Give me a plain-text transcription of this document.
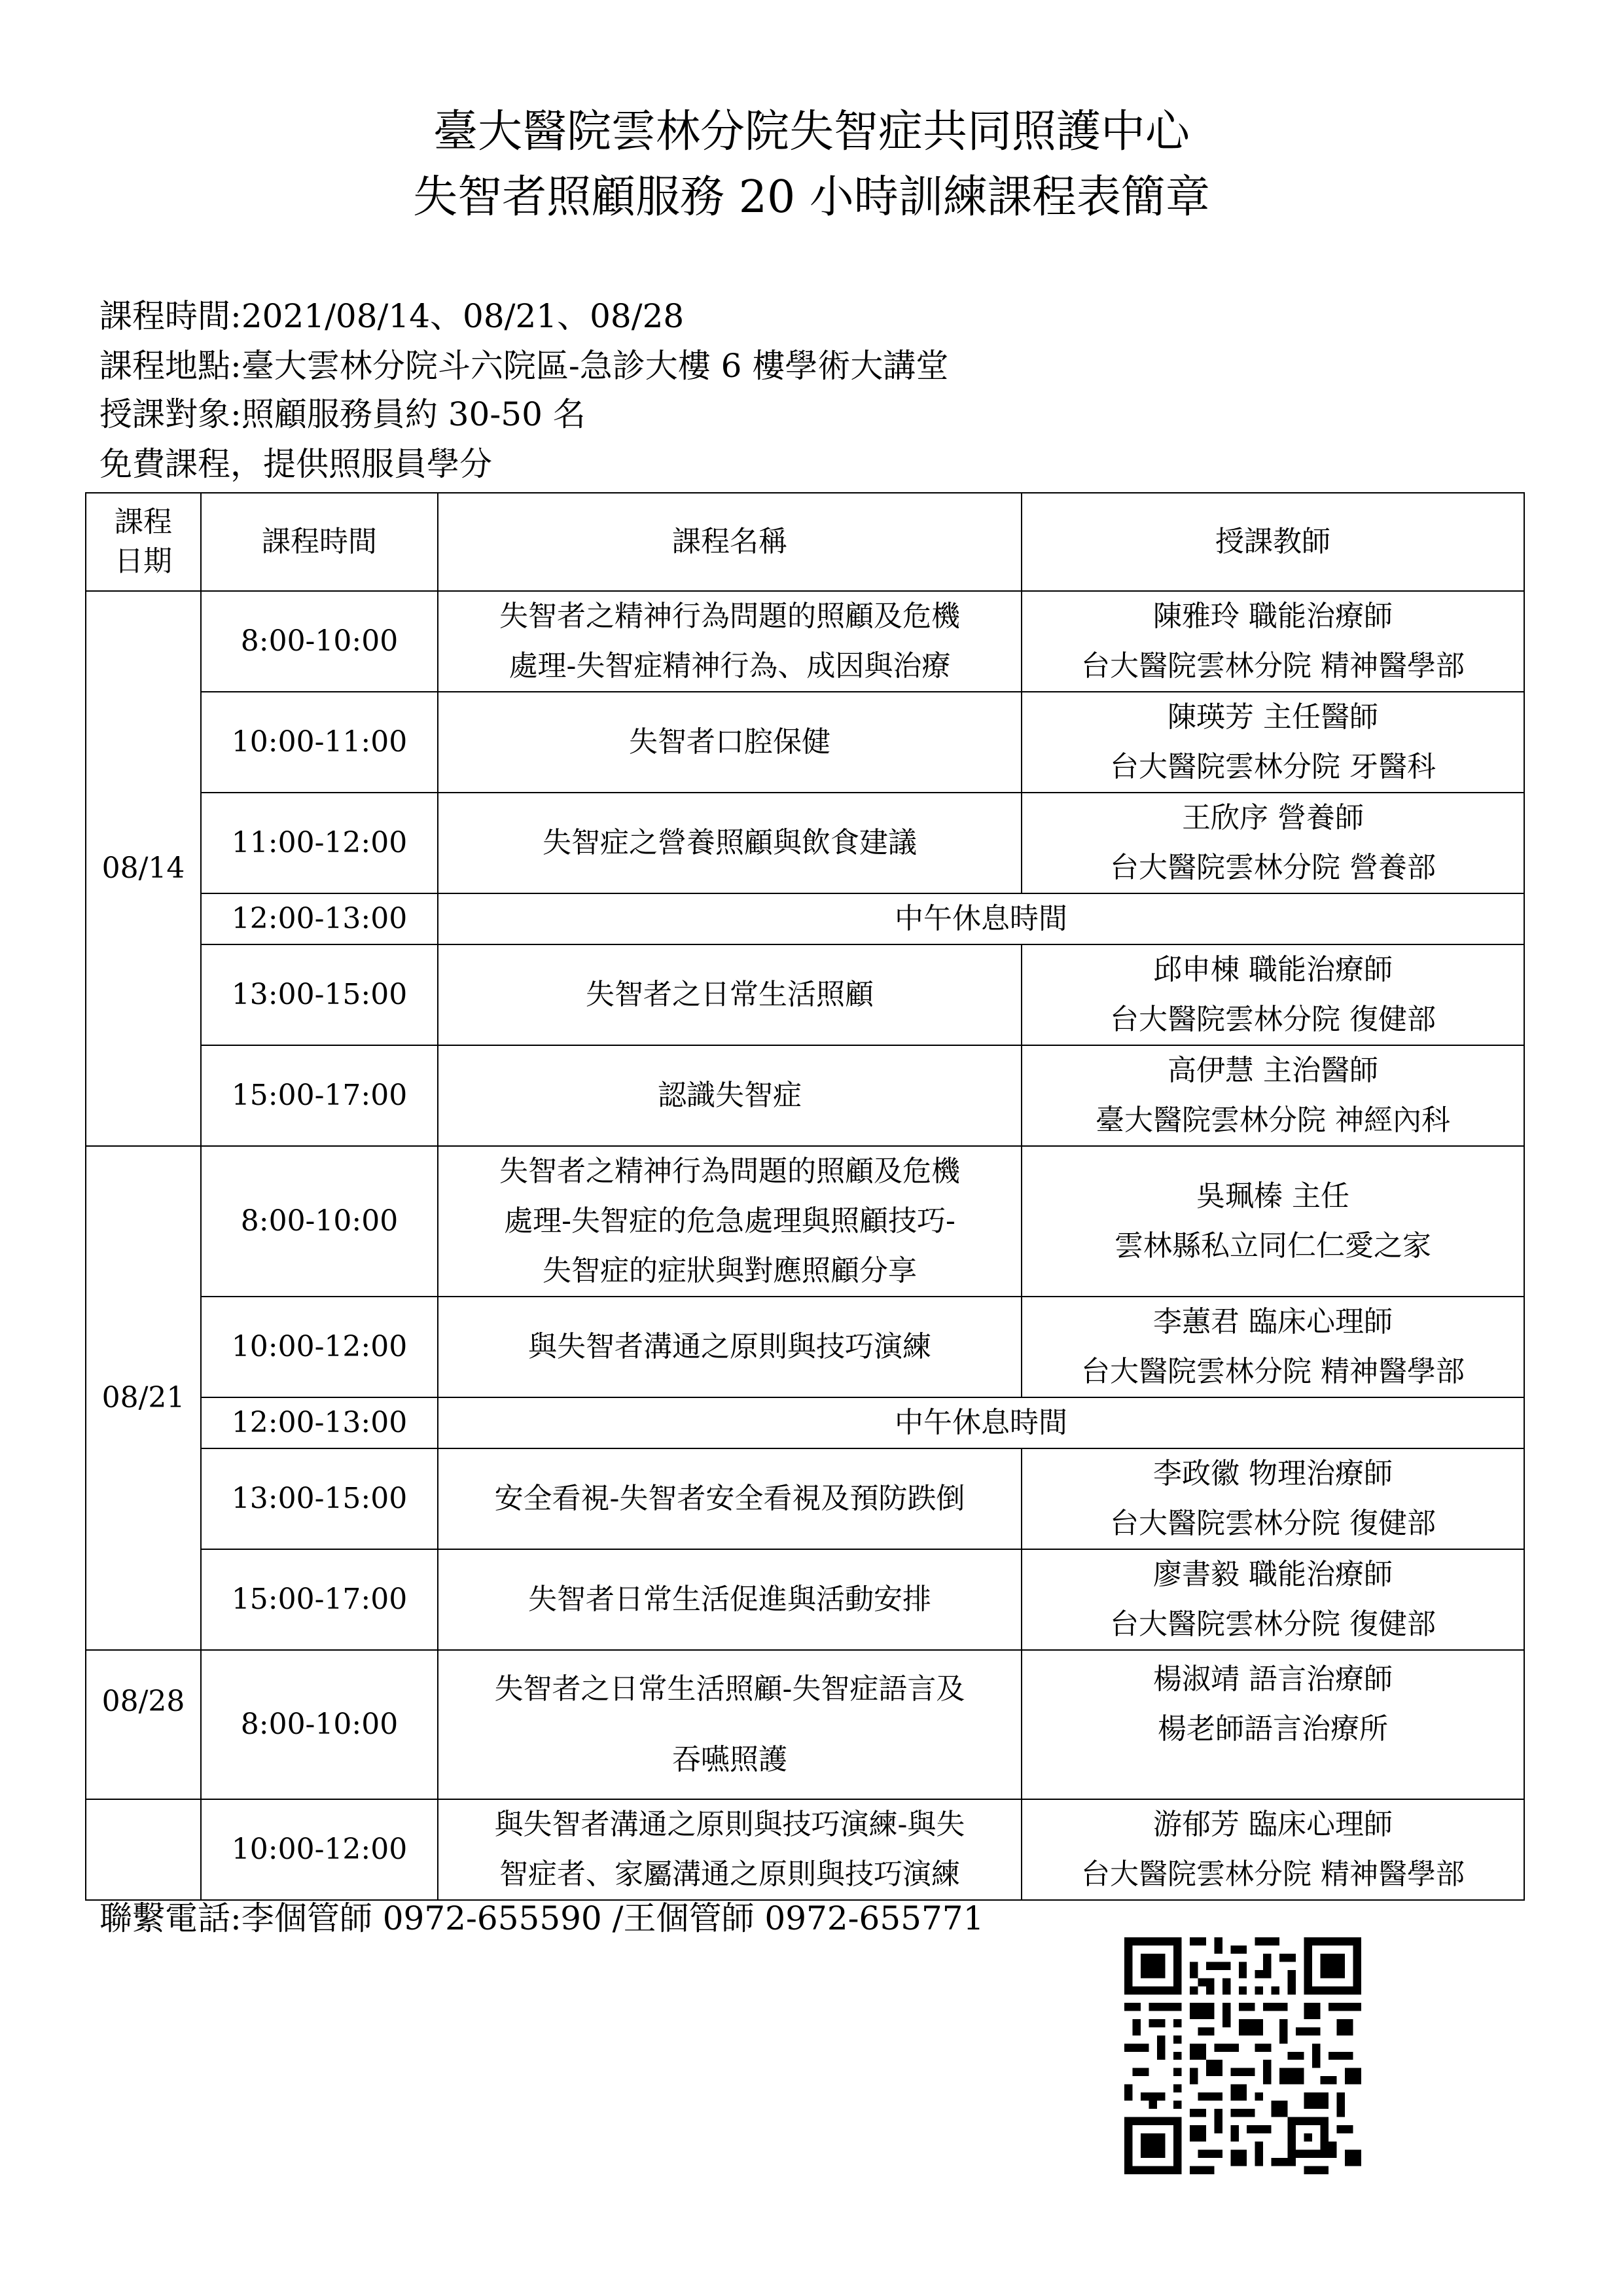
臺大醫院雲林分院失智症共同照護中心
失智者照顧服務 20 小時訓練課程表簡章
課程時間:2021/08/14、08/21、08/28
課程地點:臺大雲林分院斗六院區-急診大樓 6 樓學術大講堂
授課對象:照顧服務員約 30-50 名
免費課程，提供照服員學分
課程
日期	課程時間	課程名稱	授課教師
08/14	8:00-10:00	失智者之精神行為問題的照顧及危機
處理-失智症精神行為、成因與治療	陳雅玲 職能治療師
台大醫院雲林分院 精神醫學部

	10:00-11:00	失智者口腔保健	陳瑛芳 主任醫師
台大醫院雲林分院 牙醫科

	11:00-12:00	失智症之營養照顧與飲食建議	王欣序 營養師
台大醫院雲林分院 營養部

	12:00-13:00	中午休息時間	
	13:00-15:00	失智者之日常生活照顧	邱申棟 職能治療師
台大醫院雲林分院 復健部

	15:00-17:00	認識失智症	高伊慧 主治醫師
臺大醫院雲林分院 神經內科

08/21	8:00-10:00	失智者之精神行為問題的照顧及危機
處理-失智症的危急處理與照顧技巧-
失智症的症狀與對應照顧分享	吳珮榛 主任
雲林縣私立同仁仁愛之家

	10:00-12:00	與失智者溝通之原則與技巧演練	李蕙君 臨床心理師
台大醫院雲林分院 精神醫學部

	12:00-13:00	中午休息時間	
	13:00-15:00	安全看視-失智者安全看視及預防跌倒	李政徽 物理治療師
台大醫院雲林分院 復健部

	15:00-17:00	失智者日常生活促進與活動安排	廖書毅 職能治療師
台大醫院雲林分院 復健部

08/28	8:00-10:00	失智者之日常生活照顧-失智症語言及
吞嚥照護	楊淑靖 語言治療師
楊老師語言治療所

	10:00-12:00	與失智者溝通之原則與技巧演練-與失
智症者、家屬溝通之原則與技巧演練	游郁芳 臨床心理師
台大醫院雲林分院 精神醫學部
聯繫電話:李個管師 0972-655590 /王個管師 0972-655771
